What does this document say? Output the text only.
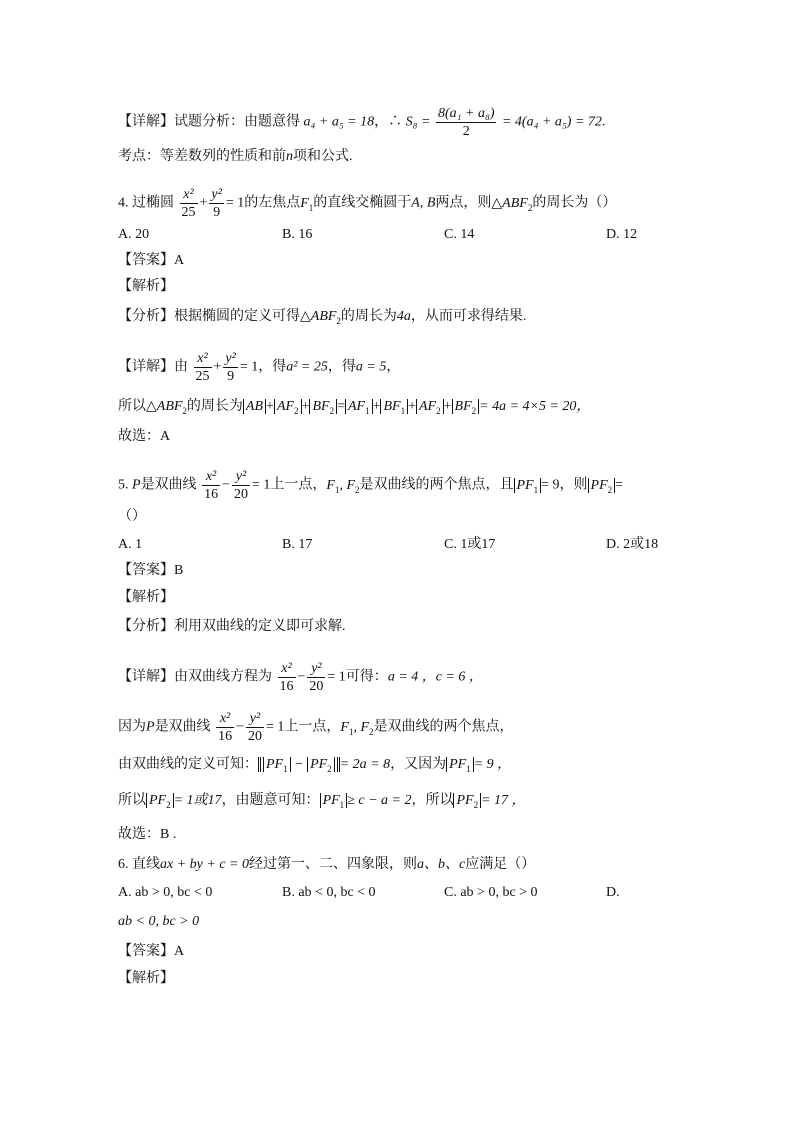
【详解】试题分析：由题意得 a₄ + a₅ = 18，∴ $S_8 = \frac{\text{8(a₁ + a₈)}}{2} = 4(a_4 + a_5) = 72$.
考点：等差数列的性质和前n项和公式.
4. 过椭圆 $\frac{\text{x²}}{25} + \frac{\text{y²}}{9} = 1$的左焦点$F_1$的直线交椭圆于A, B两点，则$\triangle ABF_2$的周长为（）
A. 20	B. 16	C. 14	D. 12
【答案】A
【解析】
【分析】根据椭圆的定义可得$\triangle ABF_2$的周长为4a，从而可求得结果.
【详解】由 $\frac{\text{x²}}{25} + \frac{\text{y²}}{9} = 1$，得a² = 25，得a = 5，
所以$\triangle ABF_2$的周长为 AB + $AF_2 + BF_2 = AF_1 + BF_1 + AF_2 + BF_2 = 4a = 4\times 5 = 20$，
故选：A
5. P是双曲线 $\frac{\text{x²}}{16} - \frac{\text{y²}}{20} = 1$上一点，$F_1$, $F_2$是双曲线的两个焦点，且 $PF_1 = 9$，则 $PF_2$ =
（）
A. 1	B. 17	C. 1或17	D. 2或18
【答案】B
【解析】
【分析】利用双曲线的定义即可求解.
【详解】由双曲线方程为 $\frac{\text{x²}}{16} - \frac{\text{y²}}{20} = 1$可得：a = 4 ，c = 6 ，
因为P是双曲线 $\frac{\text{x²}}{16} - \frac{\text{y²}}{20} = 1$上一点，$F_1$, $F_2$是双曲线的两个焦点，
由双曲线的定义可知： $PF_1 - PF_2 = 2a = 8$，又因为 $PF_1 = 9$ ，
所以 $PF_2 = 1$或17，由题意可知： $PF_1 \ge c - a = 2$，所以 $PF_2 = 17$ ，
故选：B .
6. 直线ax + by + c = 0经过第一、二、四象限，则a、b、c应满足（）
A. ab > 0, bc < 0	B. ab < 0, bc < 0	C. ab > 0, bc > 0	D.
ab < 0, bc > 0
【答案】A
【解析】
